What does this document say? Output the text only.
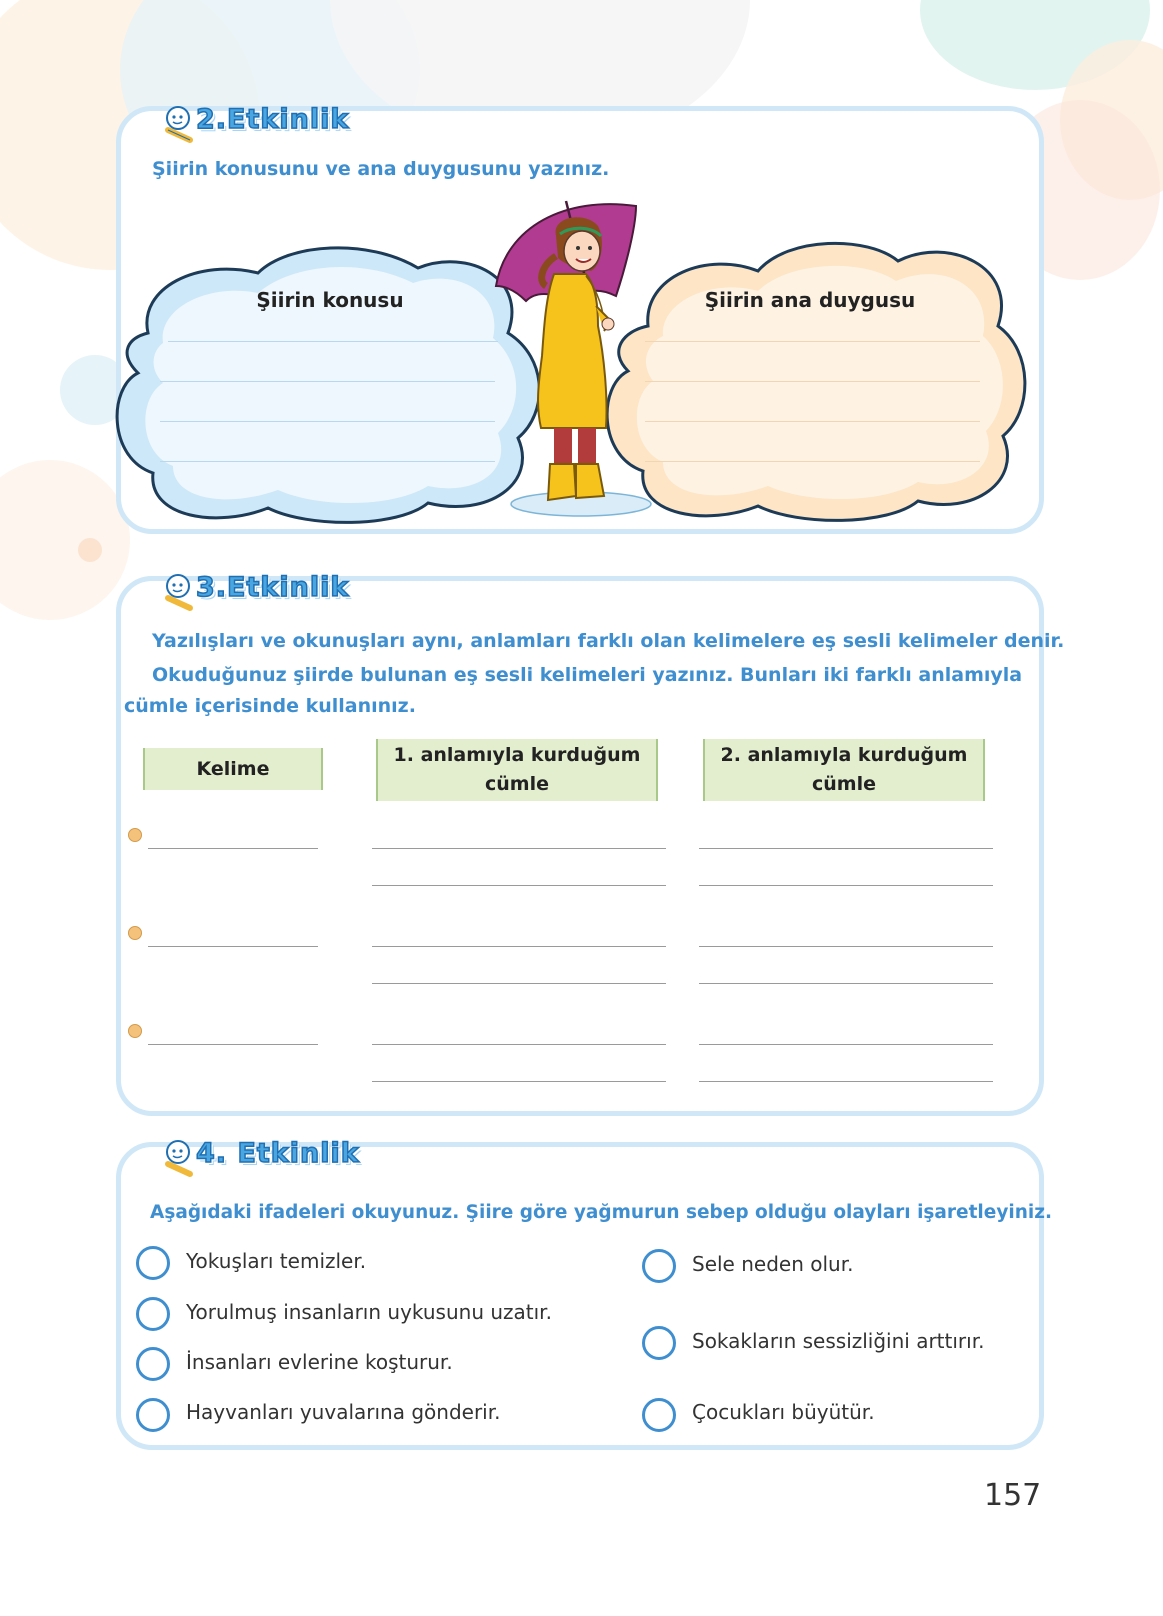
2.Etkinlik
Şiirin konusunu ve ana duygusunu yazınız.
Şiirin konusu	Şiirin ana duygusu
3.Etkinlik
Yazılışları ve okunuşları aynı, anlamları farklı olan kelimelere eş sesli kelimeler denir.
Okuduğunuz şiirde bulunan eş sesli kelimeleri yazınız. Bunları iki farklı anlamıyla
cümle içerisinde kullanınız.
Kelime
1. anlamıyla kurduğum
cümle
2. anlamıyla kurduğum
cümle
4. Etkinlik
Aşağıdaki ifadeleri okuyunuz. Şiire göre yağmurun sebep olduğu olayları işaretleyiniz.
Yokuşları temizler.
Yorulmuş insanların uykusunu uzatır.
İnsanları evlerine koşturur.
Hayvanları yuvalarına gönderir.
Sele neden olur.
Sokakların sessizliğini arttırır.
Çocukları büyütür.
157
